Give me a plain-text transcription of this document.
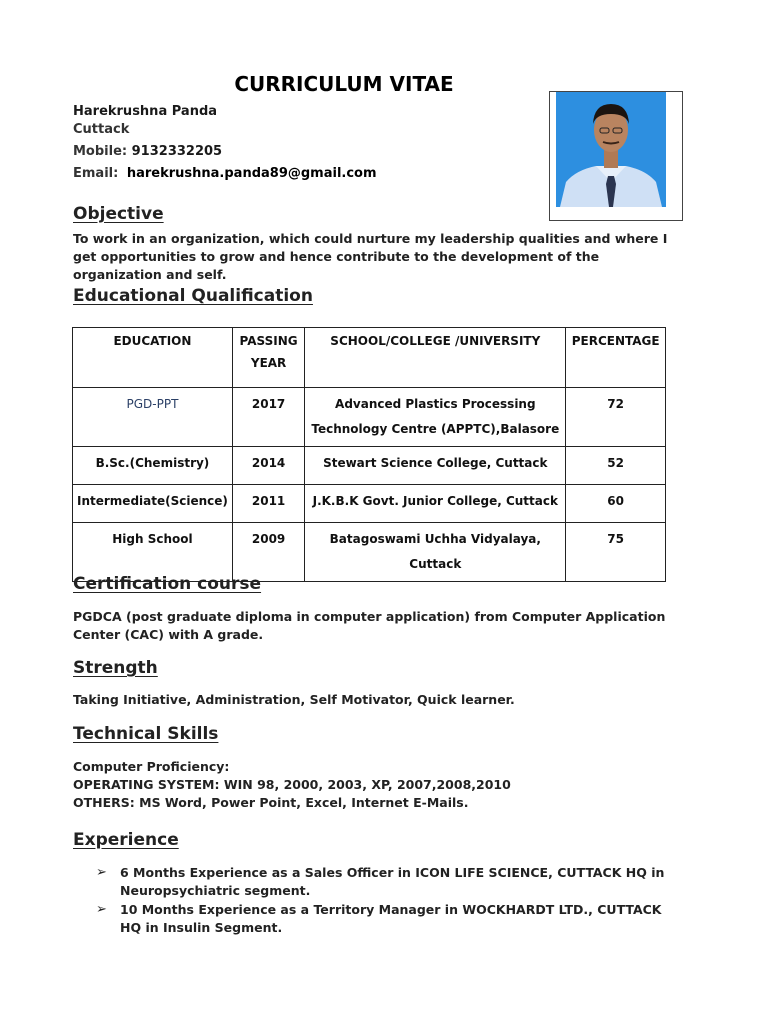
CURRICULUM VITAE
Harekrushna Panda
Cuttack
Mobile: 9132332205
Email: harekrushna.panda89@gmail.com
Objective
To work in an organization, which could nurture my leadership qualities and where I get opportunities to grow and hence contribute to the development of the organization and self.
Educational Qualification
EDUCATION	PASSING YEAR	SCHOOL/COLLEGE /UNIVERSITY	PERCENTAGE
PGD-PPT	2017	Advanced Plastics Processing Technology Centre (APPTC),Balasore	72
B.Sc.(Chemistry)	2014	Stewart Science College, Cuttack	52
Intermediate(Science)	2011	J.K.B.K Govt. Junior College, Cuttack	60
High School	2009	Batagoswami Uchha Vidyalaya, Cuttack	75
Certification course
PGDCA (post graduate diploma in computer application) from Computer Application Center (CAC) with A grade.
Strength
Taking Initiative, Administration, Self Motivator, Quick learner.
Technical Skills
Computer Proficiency:
OPERATING SYSTEM: WIN 98, 2000, 2003, XP, 2007,2008,2010
OTHERS: MS Word, Power Point, Excel, Internet E-Mails.
Experience
➢ 6 Months Experience as a Sales Officer in ICON LIFE SCIENCE, CUTTACK HQ in Neuropsychiatric segment.
➢ 10 Months Experience as a Territory Manager in WOCKHARDT LTD., CUTTACK HQ in Insulin Segment.
